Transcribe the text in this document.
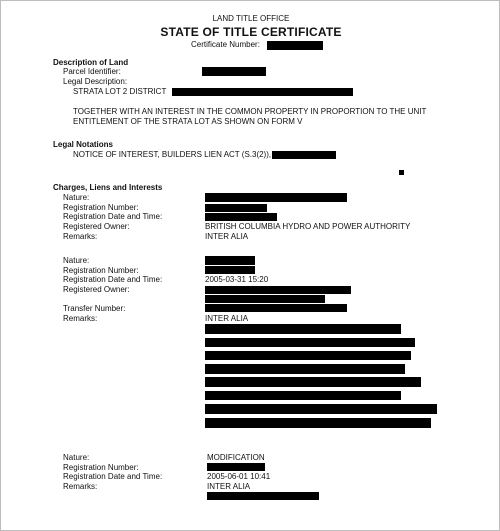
LAND TITLE OFFICE
STATE OF TITLE CERTIFICATE
Certificate Number:
Description of Land
Parcel Identifier:
Legal Description:
STRATA LOT 2 DISTRICT
TOGETHER WITH AN INTEREST IN THE COMMON PROPERTY IN PROPORTION TO THE UNIT
ENTITLEMENT OF THE STRATA LOT AS SHOWN ON FORM V
Legal Notations
NOTICE OF INTEREST, BUILDERS LIEN ACT (S.3(2)),
Charges, Liens and Interests
Nature:
Registration Number:
Registration Date and Time:
Registered Owner:	BRITISH COLUMBIA HYDRO AND POWER AUTHORITY
Remarks:	INTER ALIA
Nature:
Registration Number:
Registration Date and Time:	2005-03-31 15:20
Registered Owner:
Transfer Number:
Remarks:	INTER ALIA
Nature:	MODIFICATION
Registration Number:
Registration Date and Time:	2005-06-01 10:41
Remarks:	INTER ALIA
